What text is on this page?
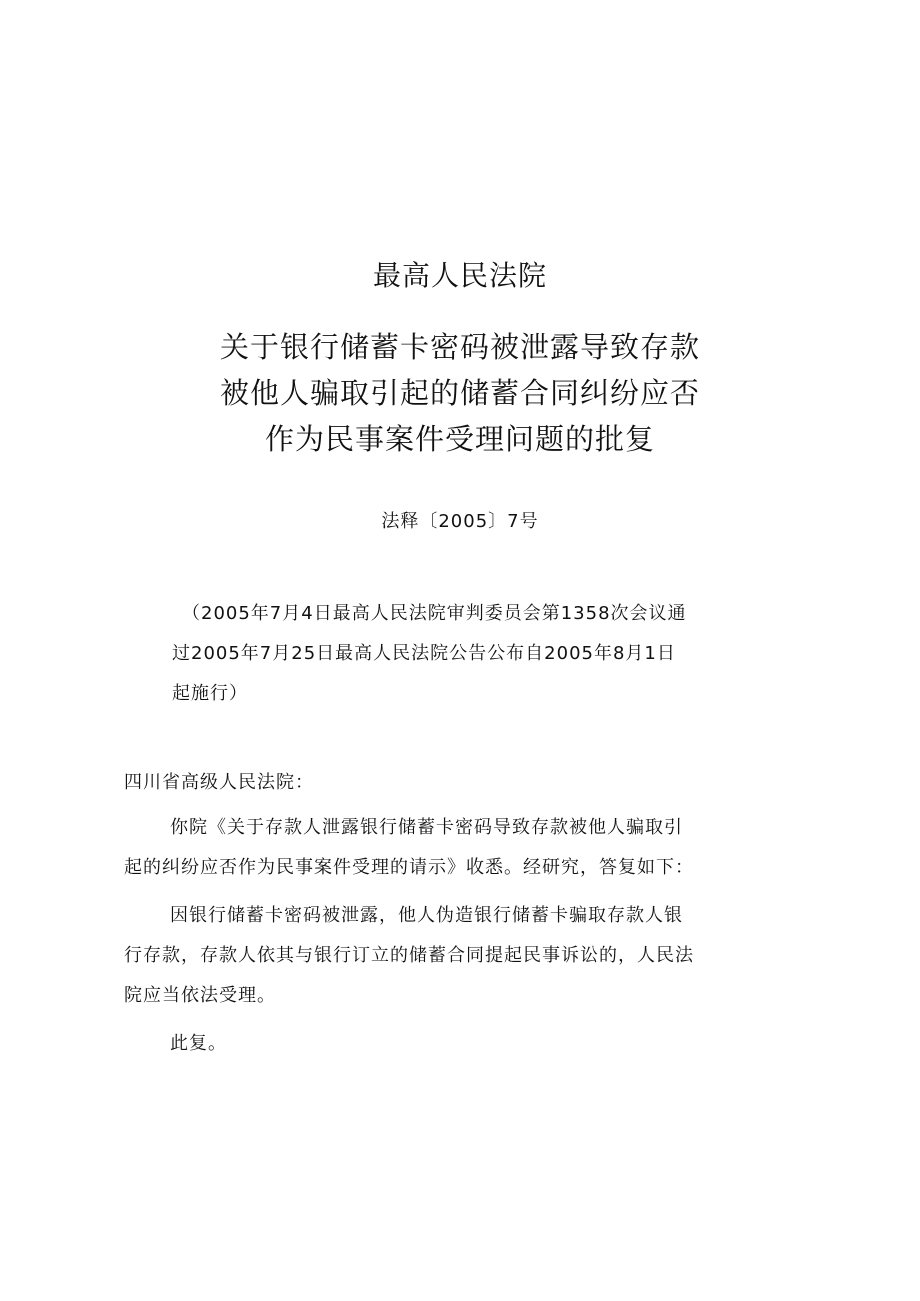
最高人民法院
关于银行储蓄卡密码被泄露导致存款
被他人骗取引起的储蓄合同纠纷应否
作为民事案件受理问题的批复
法释〔2005〕7号
（2005年7月4日最高人民法院审判委员会第1358次会议通
过2005年7月25日最高人民法院公告公布自2005年8月1日
起施行）
四川省高级人民法院：
你院《关于存款人泄露银行储蓄卡密码导致存款被他人骗取引
起的纠纷应否作为民事案件受理的请示》收悉。经研究，答复如下：
因银行储蓄卡密码被泄露，他人伪造银行储蓄卡骗取存款人银
行存款，存款人依其与银行订立的储蓄合同提起民事诉讼的，人民法
院应当依法受理。
此复。
